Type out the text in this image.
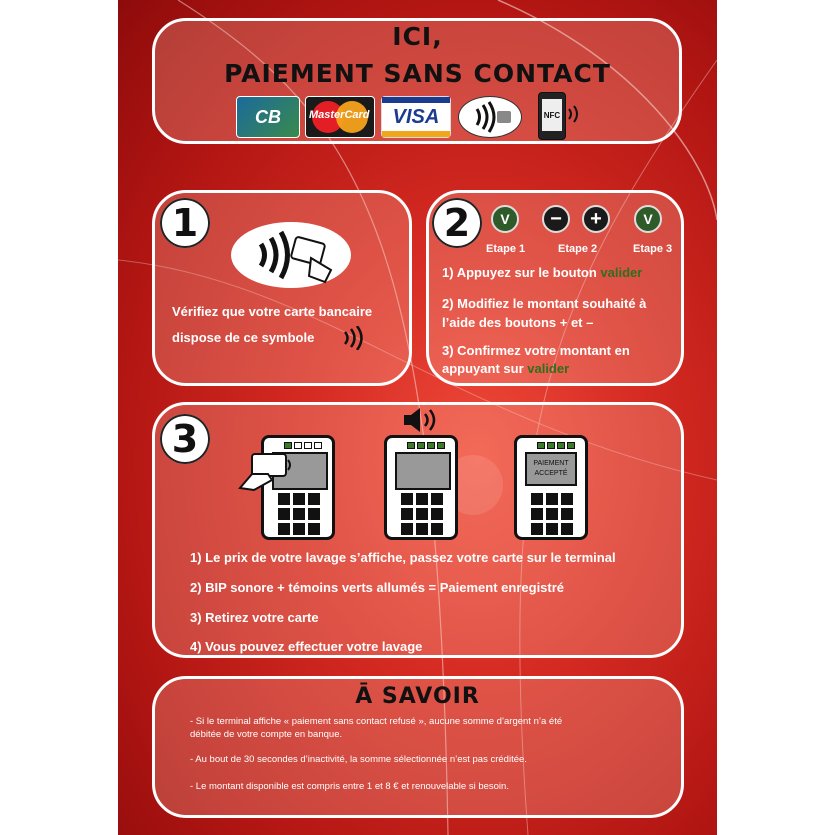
ICI,
PAIEMENT SANS CONTACT
CB	MasterCard	VISA	NFC
1
Vérifiez que votre carte bancaire
dispose de ce symbole
2	V	−	+	V
Etape 1	Etape 2	Etape 3
1) Appuyez sur le bouton valider
2) Modifiez le montant souhaité à
l’aide des boutons + et –
3) Confirmez votre montant en
appuyant sur valider
3
PAIEMENT
ACCEPTÉ
1) Le prix de votre lavage s’affiche, passez votre carte sur le terminal
2) BIP sonore + témoins verts allumés = Paiement enregistré
3) Retirez votre carte
4) Vous pouvez effectuer votre lavage
Ā SAVOIR
- Si le terminal affiche « paiement sans contact refusé », aucune somme d’argent n’a été
débitée de votre compte en banque.
- Au bout de 30 secondes d’inactivité, la somme sélectionnée n’est pas créditée.
- Le montant disponible est compris entre 1 et 8 € et renouvelable si besoin.
